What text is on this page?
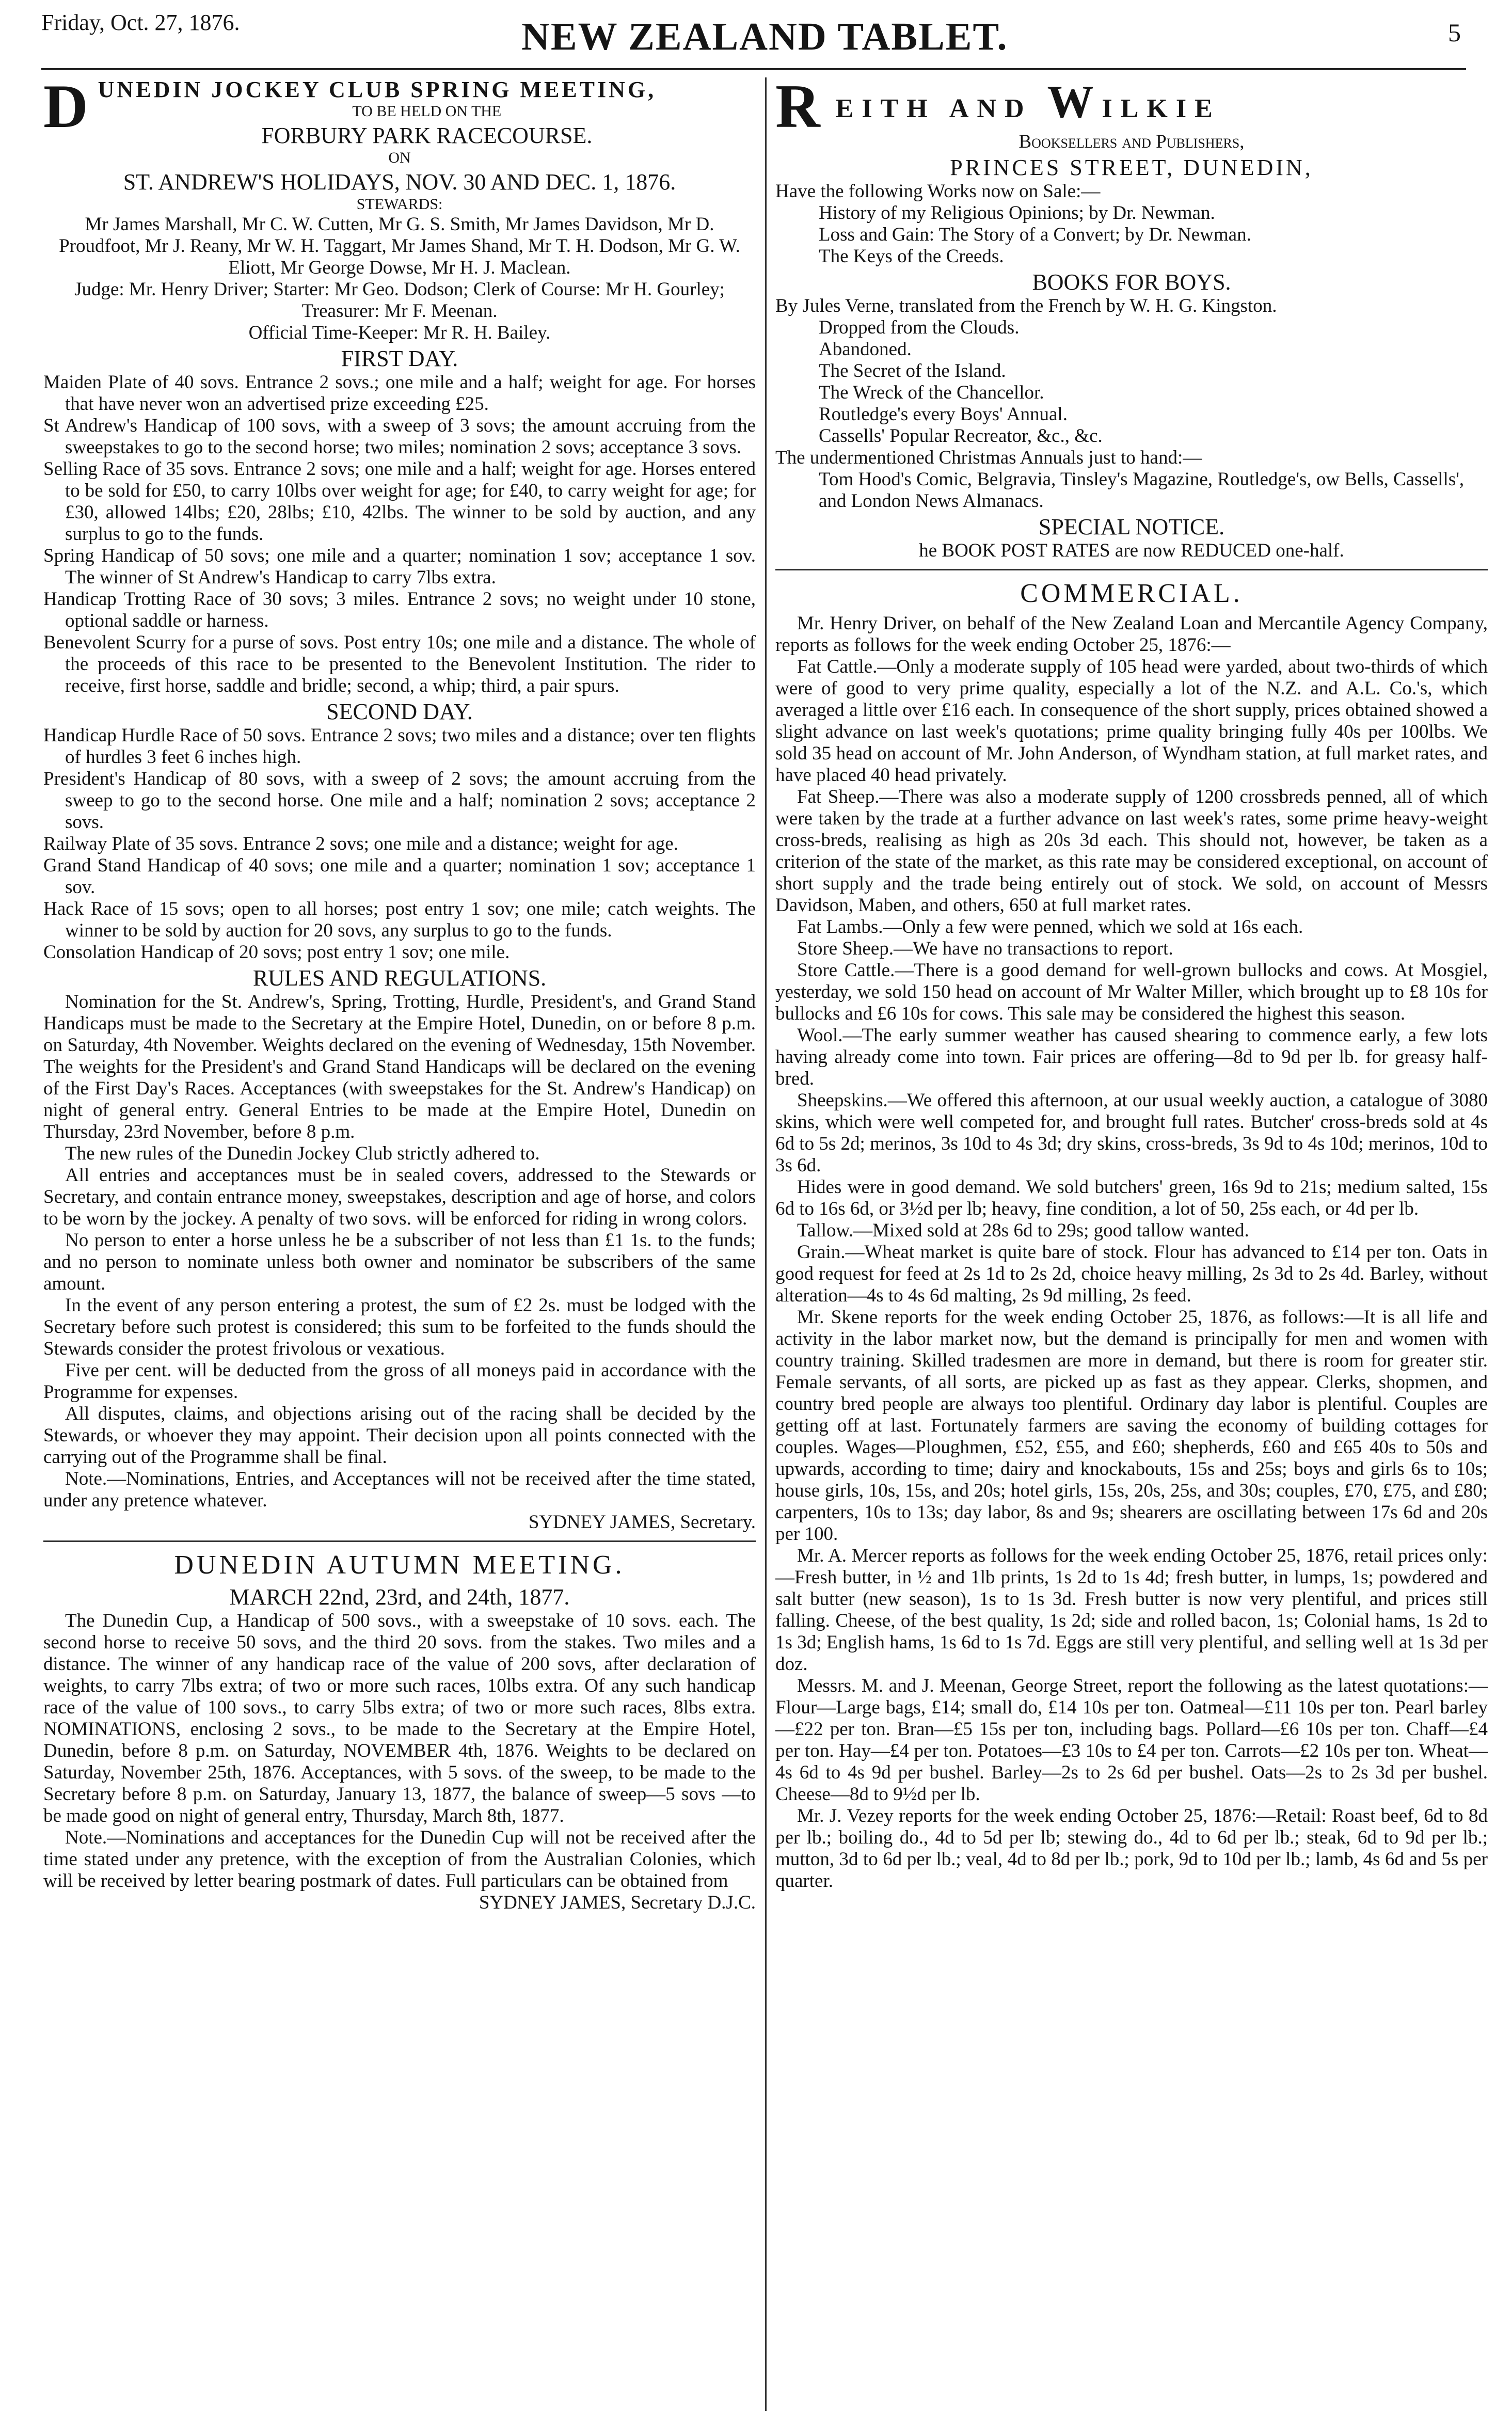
Friday, Oct. 27, 1876.	NEW ZEALAND TABLET.	5

DUNEDIN JOCKEY CLUB SPRING MEETING,

TO BE HELD ON THE

FORBURY PARK RACECOURSE.

ON

ST. ANDREW'S HOLIDAYS, NOV. 30 AND DEC. 1, 1876.

STEWARDS:

Mr James Marshall, Mr C. W. Cutten, Mr G. S. Smith, Mr James Davidson, Mr D. Proudfoot, Mr J. Reany, Mr W. H. Taggart, Mr James Shand, Mr T. H. Dodson, Mr G. W. Eliott, Mr George Dowse, Mr H. J. Maclean.

Judge: Mr. Henry Driver; Starter: Mr Geo. Dodson; Clerk of Course: Mr H. Gourley; Treasurer: Mr F. Meenan.

Official Time-Keeper: Mr R. H. Bailey.

FIRST DAY.

Maiden Plate of 40 sovs. Entrance 2 sovs.; one mile and a half; weight for age. For horses that have never won an advertised prize exceeding £25.

St Andrew's Handicap of 100 sovs, with a sweep of 3 sovs; the amount accruing from the sweepstakes to go to the second horse; two miles; nomination 2 sovs; acceptance 3 sovs.

Selling Race of 35 sovs. Entrance 2 sovs; one mile and a half; weight for age. Horses entered to be sold for £50, to carry 10lbs over weight for age; for £40, to carry weight for age; for £30, allowed 14lbs; £20, 28lbs; £10, 42lbs. The winner to be sold by auction, and any surplus to go to the funds.

Spring Handicap of 50 sovs; one mile and a quarter; nomination 1 sov; acceptance 1 sov. The winner of St Andrew's Handicap to carry 7lbs extra.

Handicap Trotting Race of 30 sovs; 3 miles. Entrance 2 sovs; no weight under 10 stone, optional saddle or harness.

Benevolent Scurry for a purse of sovs. Post entry 10s; one mile and a distance. The whole of the proceeds of this race to be presented to the Benevolent Institution. The rider to receive, first horse, saddle and bridle; second, a whip; third, a pair spurs.

SECOND DAY.

Handicap Hurdle Race of 50 sovs. Entrance 2 sovs; two miles and a distance; over ten flights of hurdles 3 feet 6 inches high.

President's Handicap of 80 sovs, with a sweep of 2 sovs; the amount accruing from the sweep to go to the second horse. One mile and a half; nomination 2 sovs; acceptance 2 sovs.

Railway Plate of 35 sovs. Entrance 2 sovs; one mile and a distance; weight for age.

Grand Stand Handicap of 40 sovs; one mile and a quarter; nomination 1 sov; acceptance 1 sov.

Hack Race of 15 sovs; open to all horses; post entry 1 sov; one mile; catch weights. The winner to be sold by auction for 20 sovs, any surplus to go to the funds.

Consolation Handicap of 20 sovs; post entry 1 sov; one mile.

RULES AND REGULATIONS.

Nomination for the St. Andrew's, Spring, Trotting, Hurdle, President's, and Grand Stand Handicaps must be made to the Secretary at the Empire Hotel, Dunedin, on or before 8 p.m. on Saturday, 4th November. Weights declared on the evening of Wednesday, 15th November. The weights for the President's and Grand Stand Handicaps will be declared on the evening of the First Day's Races. Acceptances (with sweepstakes for the St. Andrew's Handicap) on night of general entry. General Entries to be made at the Empire Hotel, Dunedin on Thursday, 23rd November, before 8 p.m.

The new rules of the Dunedin Jockey Club strictly adhered to.

All entries and acceptances must be in sealed covers, addressed to the Stewards or Secretary, and contain entrance money, sweepstakes, description and age of horse, and colors to be worn by the jockey. A penalty of two sovs. will be enforced for riding in wrong colors.

No person to enter a horse unless he be a subscriber of not less than £1 1s. to the funds; and no person to nominate unless both owner and nominator be subscribers of the same amount.

In the event of any person entering a protest, the sum of £2 2s. must be lodged with the Secretary before such protest is considered; this sum to be forfeited to the funds should the Stewards consider the protest frivolous or vexatious.

Five per cent. will be deducted from the gross of all moneys paid in accordance with the Programme for expenses.

All disputes, claims, and objections arising out of the racing shall be decided by the Stewards, or whoever they may appoint. Their decision upon all points connected with the carrying out of the Programme shall be final.

Note.—Nominations, Entries, and Acceptances will not be received after the time stated, under any pretence whatever.

SYDNEY JAMES, Secretary.

DUNEDIN AUTUMN MEETING.

MARCH 22nd, 23rd, and 24th, 1877.

The Dunedin Cup, a Handicap of 500 sovs., with a sweepstake of 10 sovs. each. The second horse to receive 50 sovs, and the third 20 sovs. from the stakes. Two miles and a distance. The winner of any handicap race of the value of 200 sovs, after declaration of weights, to carry 7lbs extra; of two or more such races, 10lbs extra. Of any such handicap race of the value of 100 sovs., to carry 5lbs extra; of two or more such races, 8lbs extra. NOMINATIONS, enclosing 2 sovs., to be made to the Secretary at the Empire Hotel, Dunedin, before 8 p.m. on Saturday, NOVEMBER 4th, 1876. Weights to be declared on Saturday, November 25th, 1876. Acceptances, with 5 sovs. of the sweep, to be made to the Secretary before 8 p.m. on Saturday, January 13, 1877, the balance of sweep—5 sovs —to be made good on night of general entry, Thursday, March 8th, 1877.

Note.—Nominations and acceptances for the Dunedin Cup will not be received after the time stated under any pretence, with the exception of from the Australian Colonies, which will be received by letter bearing postmark of dates. Full particulars can be obtained from

SYDNEY JAMES, Secretary D.J.C.

REITH AND WILKIE

Booksellers and Publishers,

PRINCES STREET, DUNEDIN,

Have the following Works now on Sale:—

History of my Religious Opinions; by Dr. Newman.

Loss and Gain: The Story of a Convert; by Dr. Newman.

The Keys of the Creeds.

BOOKS FOR BOYS.

By Jules Verne, translated from the French by W. H. G. Kingston.

Dropped from the Clouds.

Abandoned.

The Secret of the Island.

The Wreck of the Chancellor.

Routledge's every Boys' Annual.

Cassells' Popular Recreator, &c., &c.

The undermentioned Christmas Annuals just to hand:—

Tom Hood's Comic, Belgravia, Tinsley's Magazine, Routledge's, ow Bells, Cassells', and London News Almanacs.

SPECIAL NOTICE.

he BOOK POST RATES are now REDUCED one-half.

COMMERCIAL.

Mr. Henry Driver, on behalf of the New Zealand Loan and Mercantile Agency Company, reports as follows for the week ending October 25, 1876:—

Fat Cattle.—Only a moderate supply of 105 head were yarded, about two-thirds of which were of good to very prime quality, especially a lot of the N.Z. and A.L. Co.'s, which averaged a little over £16 each. In consequence of the short supply, prices obtained showed a slight advance on last week's quotations; prime quality bringing fully 40s per 100lbs. We sold 35 head on account of Mr. John Anderson, of Wyndham station, at full market rates, and have placed 40 head privately.

Fat Sheep.—There was also a moderate supply of 1200 crossbreds penned, all of which were taken by the trade at a further advance on last week's rates, some prime heavy-weight cross-breds, realising as high as 20s 3d each. This should not, however, be taken as a criterion of the state of the market, as this rate may be considered exceptional, on account of short supply and the trade being entirely out of stock. We sold, on account of Messrs Davidson, Maben, and others, 650 at full market rates.

Fat Lambs.—Only a few were penned, which we sold at 16s each.

Store Sheep.—We have no transactions to report.

Store Cattle.—There is a good demand for well-grown bullocks and cows. At Mosgiel, yesterday, we sold 150 head on account of Mr Walter Miller, which brought up to £8 10s for bullocks and £6 10s for cows. This sale may be considered the highest this season.

Wool.—The early summer weather has caused shearing to commence early, a few lots having already come into town. Fair prices are offering—8d to 9d per lb. for greasy half-bred.

Sheepskins.—We offered this afternoon, at our usual weekly auction, a catalogue of 3080 skins, which were well competed for, and brought full rates. Butcher' cross-breds sold at 4s 6d to 5s 2d; merinos, 3s 10d to 4s 3d; dry skins, cross-breds, 3s 9d to 4s 10d; merinos, 10d to 3s 6d.

Hides were in good demand. We sold butchers' green, 16s 9d to 21s; medium salted, 15s 6d to 16s 6d, or 3½d per lb; heavy, fine condition, a lot of 50, 25s each, or 4d per lb.

Tallow.—Mixed sold at 28s 6d to 29s; good tallow wanted.

Grain.—Wheat market is quite bare of stock. Flour has advanced to £14 per ton. Oats in good request for feed at 2s 1d to 2s 2d, choice heavy milling, 2s 3d to 2s 4d. Barley, without alteration—4s to 4s 6d malting, 2s 9d milling, 2s feed.

Mr. Skene reports for the week ending October 25, 1876, as follows:—It is all life and activity in the labor market now, but the demand is principally for men and women with country training. Skilled tradesmen are more in demand, but there is room for greater stir. Female servants, of all sorts, are picked up as fast as they appear. Clerks, shopmen, and country bred people are always too plentiful. Ordinary day labor is plentiful. Couples are getting off at last. Fortunately farmers are saving the economy of building cottages for couples. Wages—Ploughmen, £52, £55, and £60; shepherds, £60 and £65 40s to 50s and upwards, according to time; dairy and knockabouts, 15s and 25s; boys and girls 6s to 10s; house girls, 10s, 15s, and 20s; hotel girls, 15s, 20s, 25s, and 30s; couples, £70, £75, and £80; carpenters, 10s to 13s; day labor, 8s and 9s; shearers are oscillating between 17s 6d and 20s per 100.

Mr. A. Mercer reports as follows for the week ending October 25, 1876, retail prices only:—Fresh butter, in ½ and 1lb prints, 1s 2d to 1s 4d; fresh butter, in lumps, 1s; powdered and salt butter (new season), 1s to 1s 3d. Fresh butter is now very plentiful, and prices still falling. Cheese, of the best quality, 1s 2d; side and rolled bacon, 1s; Colonial hams, 1s 2d to 1s 3d; English hams, 1s 6d to 1s 7d. Eggs are still very plentiful, and selling well at 1s 3d per doz.

Messrs. M. and J. Meenan, George Street, report the following as the latest quotations:—Flour—Large bags, £14; small do, £14 10s per ton. Oatmeal—£11 10s per ton. Pearl barley—£22 per ton. Bran—£5 15s per ton, including bags. Pollard—£6 10s per ton. Chaff—£4 per ton. Hay—£4 per ton. Potatoes—£3 10s to £4 per ton. Carrots—£2 10s per ton. Wheat—4s 6d to 4s 9d per bushel. Barley—2s to 2s 6d per bushel. Oats—2s to 2s 3d per bushel. Cheese—8d to 9½d per lb.

Mr. J. Vezey reports for the week ending October 25, 1876:—Retail: Roast beef, 6d to 8d per lb.; boiling do., 4d to 5d per lb; stewing do., 4d to 6d per lb.; steak, 6d to 9d per lb.; mutton, 3d to 6d per lb.; veal, 4d to 8d per lb.; pork, 9d to 10d per lb.; lamb, 4s 6d and 5s per quarter.
